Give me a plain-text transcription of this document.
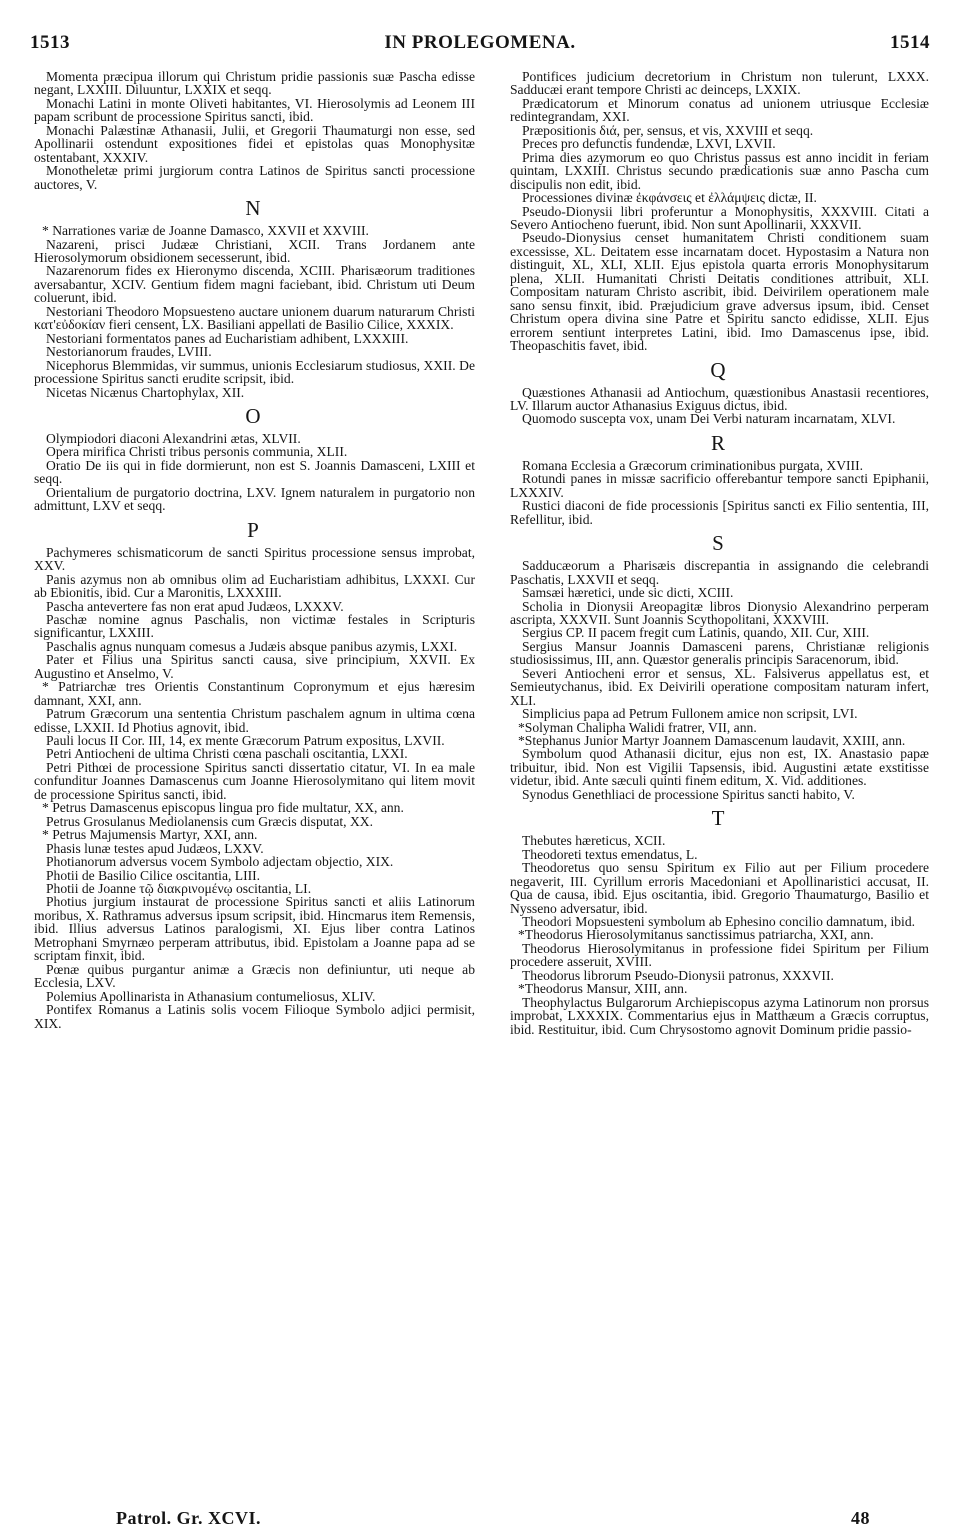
1513	IN PROLEGOMENA.	1514

Momenta præcipua illorum qui Christum pridie passionis suæ Pascha edisse negant, LXXIII. Diluuntur, LXXIX et seqq.

Monachi Latini in monte Oliveti habitantes, VI. Hierosolymis ad Leonem III papam scribunt de processione Spiritus sancti, ibid.

Monachi Palæstinæ Athanasii, Julii, et Gregorii Thaumaturgi non esse, sed Apollinarii ostendunt expositiones fidei et epistolas quas Monophysitæ ostentabant, XXXIV.

Monotheletæ primi jurgiorum contra Latinos de Spiritus sancti processione auctores, V.

N

* Narrationes variæ de Joanne Damasco, XXVII et XXVIII.

Nazareni, prisci Judææ Christiani, XCII. Trans Jordanem ante Hierosolymorum obsidionem secesserunt, ibid.

Nazarenorum fides ex Hieronymo discenda, XCIII. Pharisæorum traditiones aversabantur, XCIV. Gentium fidem magni faciebant, ibid. Christum uti Deum coluerunt, ibid.

Nestoriani Theodoro Mopsuesteno auctare unionem duarum naturarum Christi κατ'εὐδοκίαν fieri censent, LX. Basiliani appellati de Basilio Cilice, XXXIX.

Nestoriani formentatos panes ad Eucharistiam adhibent, LXXXIII.

Nestorianorum fraudes, LVIII.

Nicephorus Blemmidas, vir summus, unionis Ecclesiarum studiosus, XXII. De processione Spiritus sancti erudite scripsit, ibid.

Nicetas Nicænus Chartophylax, XII.

O

Olympiodori diaconi Alexandrini ætas, XLVII.

Opera mirifica Christi tribus personis communia, XLII.

Oratio De iis qui in fide dormierunt, non est S. Joannis Damasceni, LXIII et seqq.

Orientalium de purgatorio doctrina, LXV. Ignem naturalem in purgatorio non admittunt, LXV et seqq.

P

Pachymeres schismaticorum de sancti Spiritus processione sensus improbat, XXV.

Panis azymus non ab omnibus olim ad Eucharistiam adhibitus, LXXXI. Cur ab Ebionitis, ibid. Cur a Maronitis, LXXXIII.

Pascha antevertere fas non erat apud Judæos, LXXXV.

Paschæ nomine agnus Paschalis, non victimæ festales in Scripturis significantur, LXXIII.

Paschalis agnus nunquam comesus a Judæis absque panibus azymis, LXXI.

Pater et Filius una Spiritus sancti causa, sive principium, XXVII. Ex Augustino et Anselmo, V.

* Patriarchæ tres Orientis Constantinum Copronymum et ejus hæresim damnant, XXI, ann.

Patrum Græcorum una sententia Christum paschalem agnum in ultima cœna edisse, LXXII. Id Photius agnovit, ibid.

Pauli locus II Cor. III, 14, ex mente Græcorum Patrum expositus, LXVII.

Petri Antiocheni de ultima Christi cœna paschali oscitantia, LXXI.

Petri Pithœi de processione Spiritus sancti dissertatio citatur, VI. In ea male confunditur Joannes Damascenus cum Joanne Hierosolymitano qui litem movit de processione Spiritus sancti, ibid.

* Petrus Damascenus episcopus lingua pro fide multatur, XX, ann.

Petrus Grosulanus Mediolanensis cum Græcis disputat, XX.

* Petrus Majumensis Martyr, XXI, ann.

Phasis lunæ testes apud Judæos, LXXV.

Photianorum adversus vocem Symbolo adjectam objectio, XIX.

Photii de Basilio Cilice oscitantia, LIII.

Photii de Joanne τῷ διακρινομένῳ oscitantia, LI.

Photius jurgium instaurat de processione Spiritus sancti et aliis Latinorum moribus, X. Rathramus adversus ipsum scripsit, ibid. Hincmarus item Remensis, ibid. Illius adversus Latinos paralogismi, XI. Ejus liber contra Latinos Metrophani Smyrnæo perperam attributus, ibid. Epistolam a Joanne papa ad se scriptam finxit, ibid.

Pœnæ quibus purgantur animæ a Græcis non definiuntur, uti neque ab Ecclesia, LXV.

Polemius Apollinarista in Athanasium contumeliosus, XLIV.

Pontifex Romanus a Latinis solis vocem Filioque Symbolo adjici permisit, XIX.

Pontifices judicium decretorium in Christum non tulerunt, LXXX. Sadducæi erant tempore Christi ac deinceps, LXXIX.

Prædicatorum et Minorum conatus ad unionem utriusque Ecclesiæ redintegrandam, XXI.

Præpositionis διά, per, sensus, et vis, XXVIII et seqq.

Preces pro defunctis fundendæ, LXVI, LXVII.

Prima dies azymorum eo quo Christus passus est anno incidit in feriam quintam, LXXIII. Christus secundo prædicationis suæ anno Pascha cum discipulis non edit, ibid.

Processiones divinæ ἐκφάνσεις et ἐλλάμψεις dictæ, II.

Pseudo-Dionysii libri proferuntur a Monophysitis, XXXVIII. Citati a Severo Antiocheno fuerunt, ibid. Non sunt Apollinarii, XXXVII.

Pseudo-Dionysius censet humanitatem Christi conditionem suam excessisse, XL. Deitatem esse incarnatam docet. Hypostasim a Natura non distinguit, XL, XLI, XLII. Ejus epistola quarta erroris Monophysitarum plena, XLII. Humanitati Christi Deitatis conditiones attribuit, XLI. Compositam naturam Christo ascribit, ibid. Deivirilem operationem male sano sensu finxit, ibid. Præjudicium grave adversus ipsum, ibid. Censet Christum opera divina sine Patre et Spiritu sancto edidisse, XLII. Ejus errorem sentiunt interpretes Latini, ibid. Imo Damascenus ipse, ibid. Theopaschitis favet, ibid.

Q

Quæstiones Athanasii ad Antiochum, quæstionibus Anastasii recentiores, LV. Illarum auctor Athanasius Exiguus dictus, ibid.

Quomodo suscepta vox, unam Dei Verbi naturam incarnatam, XLVI.

R

Romana Ecclesia a Græcorum criminationibus purgata, XVIII.

Rotundi panes in missæ sacrificio offerebantur tempore sancti Epiphanii, LXXXIV.

Rustici diaconi de fide processionis [Spiritus sancti ex Filio sententia, III, Refellitur, ibid.

S

Sadducæorum a Pharisæis discrepantia in assignando die celebrandi Paschatis, LXXVII et seqq.

Samsæi hæretici, unde sic dicti, XCIII.

Scholia in Dionysii Areopagitæ libros Dionysio Alexandrino perperam ascripta, XXXVII. Sunt Joannis Scythopolitani, XXXVIII.

Sergius CP. II pacem fregit cum Latinis, quando, XII. Cur, XIII.

Sergius Mansur Joannis Damasceni parens, Christianæ religionis studiosissimus, III, ann. Quæstor generalis principis Saracenorum, ibid.

Severi Antiocheni error et sensus, XL. Falsiverus appellatus est, et Semieutychanus, ibid. Ex Deivirili operatione compositam naturam infert, XLI.

Simplicius papa ad Petrum Fullonem amice non scripsit, LVI.

*Solyman Chalipha Walidi fratrer, VII, ann.

*Stephanus Junior Martyr Joannem Damascenum laudavit, XXIII, ann.

Symbolum quod Athanasii dicitur, ejus non est, IX. Anastasio papæ tribuitur, ibid. Non est Vigilii Tapsensis, ibid. Augustini ætate exstitisse videtur, ibid. Ante sæculi quinti finem editum, X. Vid. additiones.

Synodus Genethliaci de processione Spiritus sancti habito, V.

T

Thebutes hæreticus, XCII.

Theodoreti textus emendatus, L.

Theodoretus quo sensu Spiritum ex Filio aut per Filium procedere negaverit, III. Cyrillum erroris Macedoniani et Apollinaristici accusat, II. Qua de causa, ibid. Ejus oscitantia, ibid. Gregorio Thaumaturgo, Basilio et Nysseno adversatur, ibid.

Theodori Mopsuesteni symbolum ab Ephesino concilio damnatum, ibid.

*Theodorus Hierosolymitanus sanctissimus patriarcha, XXI, ann.

Theodorus Hierosolymitanus in professione fidei Spiritum per Filium procedere asseruit, XVIII.

Theodorus librorum Pseudo-Dionysii patronus, XXXVII.

*Theodorus Mansur, XIII, ann.

Theophylactus Bulgarorum Archiepiscopus azyma Latinorum non prorsus improbat, LXXXIX. Commentarius ejus in Matthæum a Græcis corruptus, ibid. Restituitur, ibid. Cum Chrysostomo agnovit Dominum pridie passio-

Patrol. Gr. XCVI.	48
